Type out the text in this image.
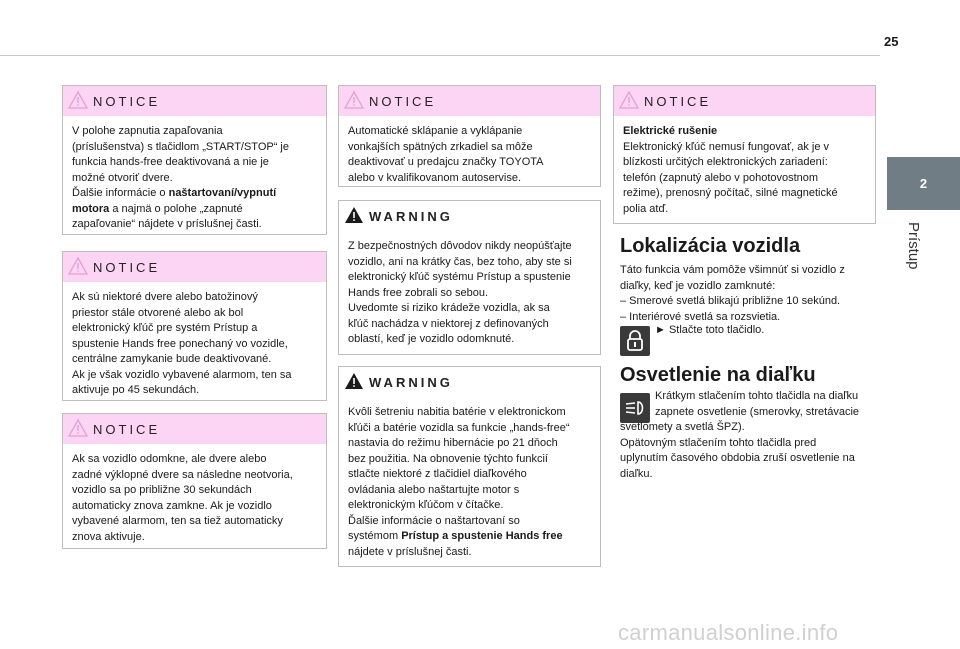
25
2
Prístup
NOTICE

V polohe zapnutia zapaľovania

(príslušenstva) s tlačidlom „START/STOP“ je

funkcia hands-free deaktivovaná a nie je

možné otvoriť dvere.

Ďalšie informácie o naštartovaní/vypnutí

motora a najmä o polohe „zapnuté

zapaľovanie“ nájdete v príslušnej časti.

NOTICE

Ak sú niektoré dvere alebo batožinový

priestor stále otvorené alebo ak bol

elektronický kľúč pre systém Prístup a

spustenie Hands free ponechaný vo vozidle,

centrálne zamykanie bude deaktivované.

Ak je však vozidlo vybavené alarmom, ten sa

aktivuje po 45 sekundách.

NOTICE

Ak sa vozidlo odomkne, ale dvere alebo

zadné výklopné dvere sa následne neotvoria,

vozidlo sa po približne 30 sekundách

automaticky znova zamkne. Ak je vozidlo

vybavené alarmom, ten sa tiež automaticky

znova aktivuje.

NOTICE

Automatické sklápanie a vyklápanie

vonkajších spätných zrkadiel sa môže

deaktivovať u predajcu značky TOYOTA

alebo v kvalifikovanom autoservise.

WARNING

Z bezpečnostných dôvodov nikdy neopúšťajte

vozidlo, ani na krátky čas, bez toho, aby ste si

elektronický kľúč systému Prístup a spustenie

Hands free zobrali so sebou.

Uvedomte si riziko krádeže vozidla, ak sa

kľúč nachádza v niektorej z definovaných

oblastí, keď je vozidlo odomknuté.

WARNING

Kvôli šetreniu nabitia batérie v elektronickom

kľúči a batérie vozidla sa funkcie „hands-free“

nastavia do režimu hibernácie po 21 dňoch

bez použitia. Na obnovenie týchto funkcií

stlačte niektoré z tlačidiel diaľkového

ovládania alebo naštartujte motor s

elektronickým kľúčom v čítačke.

Ďalšie informácie o naštartovaní so

systémom Prístup a spustenie Hands free

nájdete v príslušnej časti.

NOTICE

Elektrické rušenie

Elektronický kľúč nemusí fungovať, ak je v

blízkosti určitých elektronických zariadení:

telefón (zapnutý alebo v pohotovostnom

režime), prenosný počítač, silné magnetické

polia atď.

Lokalizácia vozidla

Táto funkcia vám pomôže všimnúť si vozidlo z

diaľky, keď je vozidlo zamknuté:

– Smerové svetlá blikajú približne 10 sekúnd.

– Interiérové svetlá sa rozsvietia.

► Stlačte toto tlačidlo.
Osvetlenie na diaľku

Krátkym stlačením tohto tlačidla na diaľku

zapnete osvetlenie (smerovky, stretávacie

svetlomety a svetlá ŠPZ).

Opätovným stlačením tohto tlačidla pred

uplynutím časového obdobia zruší osvetlenie na

diaľku.

carmanualsonline.info
